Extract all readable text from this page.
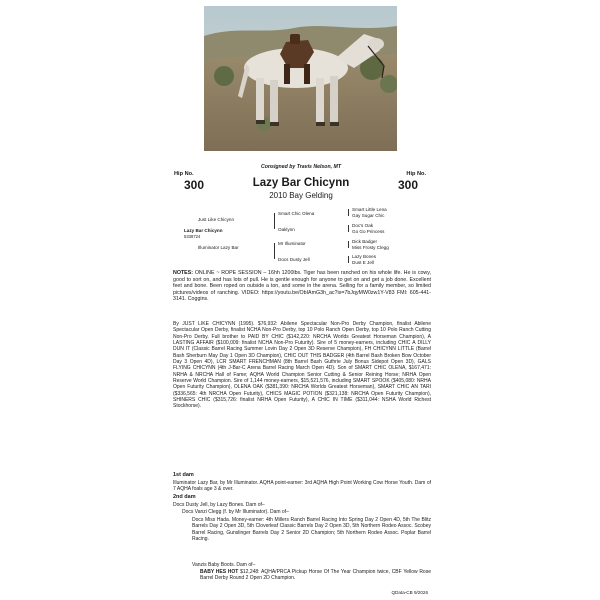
Consigned by Travis Nelson, MT
Hip No.
300
Hip No.
300
Lazy Bar Chicynn
2010 Bay Gelding
Just Like Chicynn
Lazy Bar Chicynn
5338724
Illuminator Lazy Bar
Smart Chic Olena
Oaklynn
Mr Illuminator
Docs Dusty Jell
Smart Little Lena
Gay Sugar Chic
Doc's Oak
Go Go Princess
Dick Badger
Miss Frosty Clegg
Lazy Bones
Dust E Jell
NOTES: ONLINE ~ ROPE SESSION – 16hh 1200lbs. Tiger has been ranched on his whole life. He is cowy, good to sort on, and has lots of pull. He is gentle enough for anyone to get on and get a job done. Excellent feet and bone. Been roped on outside a ton, and some in the arena. Selling for a family member, so limited pictures/videos of ranching. VIDEO: https://youtu.be/ObIAmG3h_ac?is=7bJqyMW0zw1Y-V83 FMI: 605-441-3141. Coggins.
By JUST LIKE CHICYNN (1995). $76,932: Abilene Spectacular Non-Pro Derby Champion, finalist Abilene Spectacular Open Derby, finalist NCHA Non-Pro Derby, top 10 Polo Ranch Open Derby, top 10 Polo Ranch Cutting Non-Pro Derby. Full brother to PAID BY CHIC ($142,220: NRCHA Worlds Greatest Horseman Champion), A LASTING AFFAIR ($100,009: finalist NCHA Non-Pro Futurity). Sire of 5 money-earners, including CHIC A DILLY DUN IT (Classic Barrel Racing Summer Lovin Day 2 Open 3D Reserve Champion), FH CHICYNN LITTLE (Barrel Bash Sherburn May Day 1 Open 3D Champion), CHIC OUT THIS BADGER (4th Barrel Bash Broken Bow October Day 3 Open 4D), LCR SMART FRENCHMAN (8th Barrel Bash Guthrie July Bonus Sidepot Open 3D), GALS FLYING CHICYNN (4th J-Bar-C Arena Barrel Racing March Open 4D). Son of SMART CHIC OLENA, $167,471: NRHA & NRCHA Hall of Fame; AQHA World Champion Senior Cutting & Senior Reining Horse; NRHA Open Reserve World Champion. Sire of 1,144 money-earners, $15,521,576, including SMART SPOOK ($405,080: NRHA Open Futurity Champion), OLENA OAK ($381,390: NRCHA Worlds Greatest Horseman), SMART CHIC AN TARI ($336,565: 4th NRCHA Open Futurity), CHICS MAGIC POTION ($321,138: NRCHA Open Futurity Champion), SHINERS CHIC ($315,726: finalist NRHA Open Futurity), A CHIC IN TIME ($311,044: NSHA World Richest Stockhorse).
1st dam
Illuminator Lazy Bar, by Mr Illuminator. AQHA point-earner: 3rd AQHA High Point Working Cow Horse Youth. Dam of 7 AQHA foals age 3 & over.
2nd dam
Docs Dusty Jell, by Lazy Bones. Dam of–
Docs Vanzi Clegg (f. by Mr Illuminator). Dam of–
Docs Miss Hada. Money-earner: 4th Millers Ranch Barrel Racing Into Spring Day 2 Open 4D, 5th The Blitz Barrels Day 2 Open 3D, 5th Cloverleaf Classic Barrels Day 2 Open 3D, 5th Northern Rodeo Assoc. Scobey Barrel Racing, Gunslinger Barrels Day 2 Senior 2D Champion; 5th Northern Rodeo Assoc. Poplar Barrel Racing.
Vanzis Baby Boots. Dam of–
BABY HES HOT $12,248: AQHA/PRCA Pickup Horse Of The Year Champion twice, CBF Yellow Rose Barrel Derby Round 2 Open 2D Champion.
QData-CB 9/2026
